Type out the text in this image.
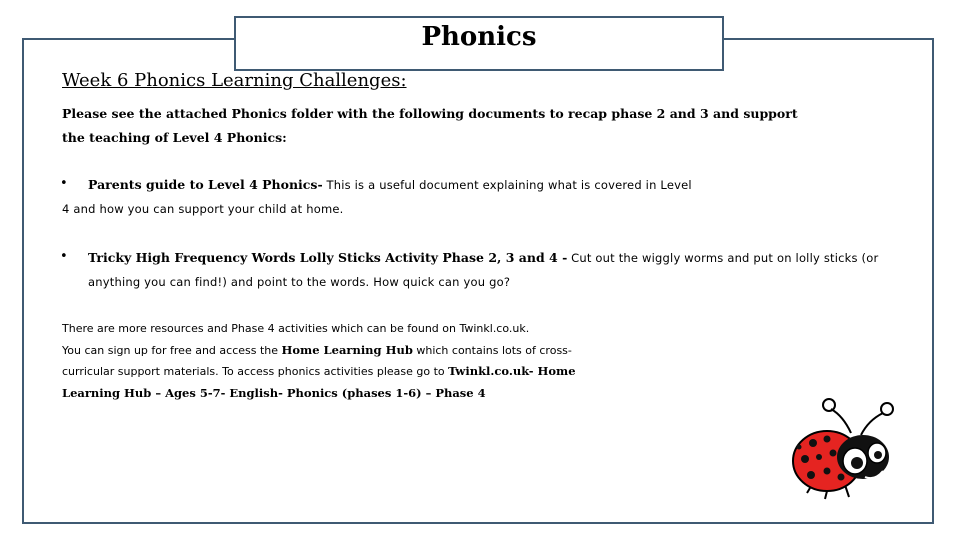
Phonics
Week 6 Phonics Learning Challenges:
Please see the attached Phonics folder with the following documents to recap phase 2 and 3 and support the teaching of Level 4 Phonics:
•	Parents guide to Level 4 Phonics- This is a useful document explaining what is covered in Level 4 and how you can support your child at home.
• Tricky High Frequency Words Lolly Sticks Activity Phase 2, 3 and 4 - Cut out the wiggly worms and put on lolly sticks (or anything you can find!) and point to the words. How quick can you go?
There are more resources and Phase 4 activities which can be found on Twinkl.co.uk.
You can sign up for free and access the Home Learning Hub which contains lots of cross-curricular support materials. To access phonics activities please go to Twinkl.co.uk- Home Learning Hub – Ages 5-7- English- Phonics (phases 1-6) – Phase 4
